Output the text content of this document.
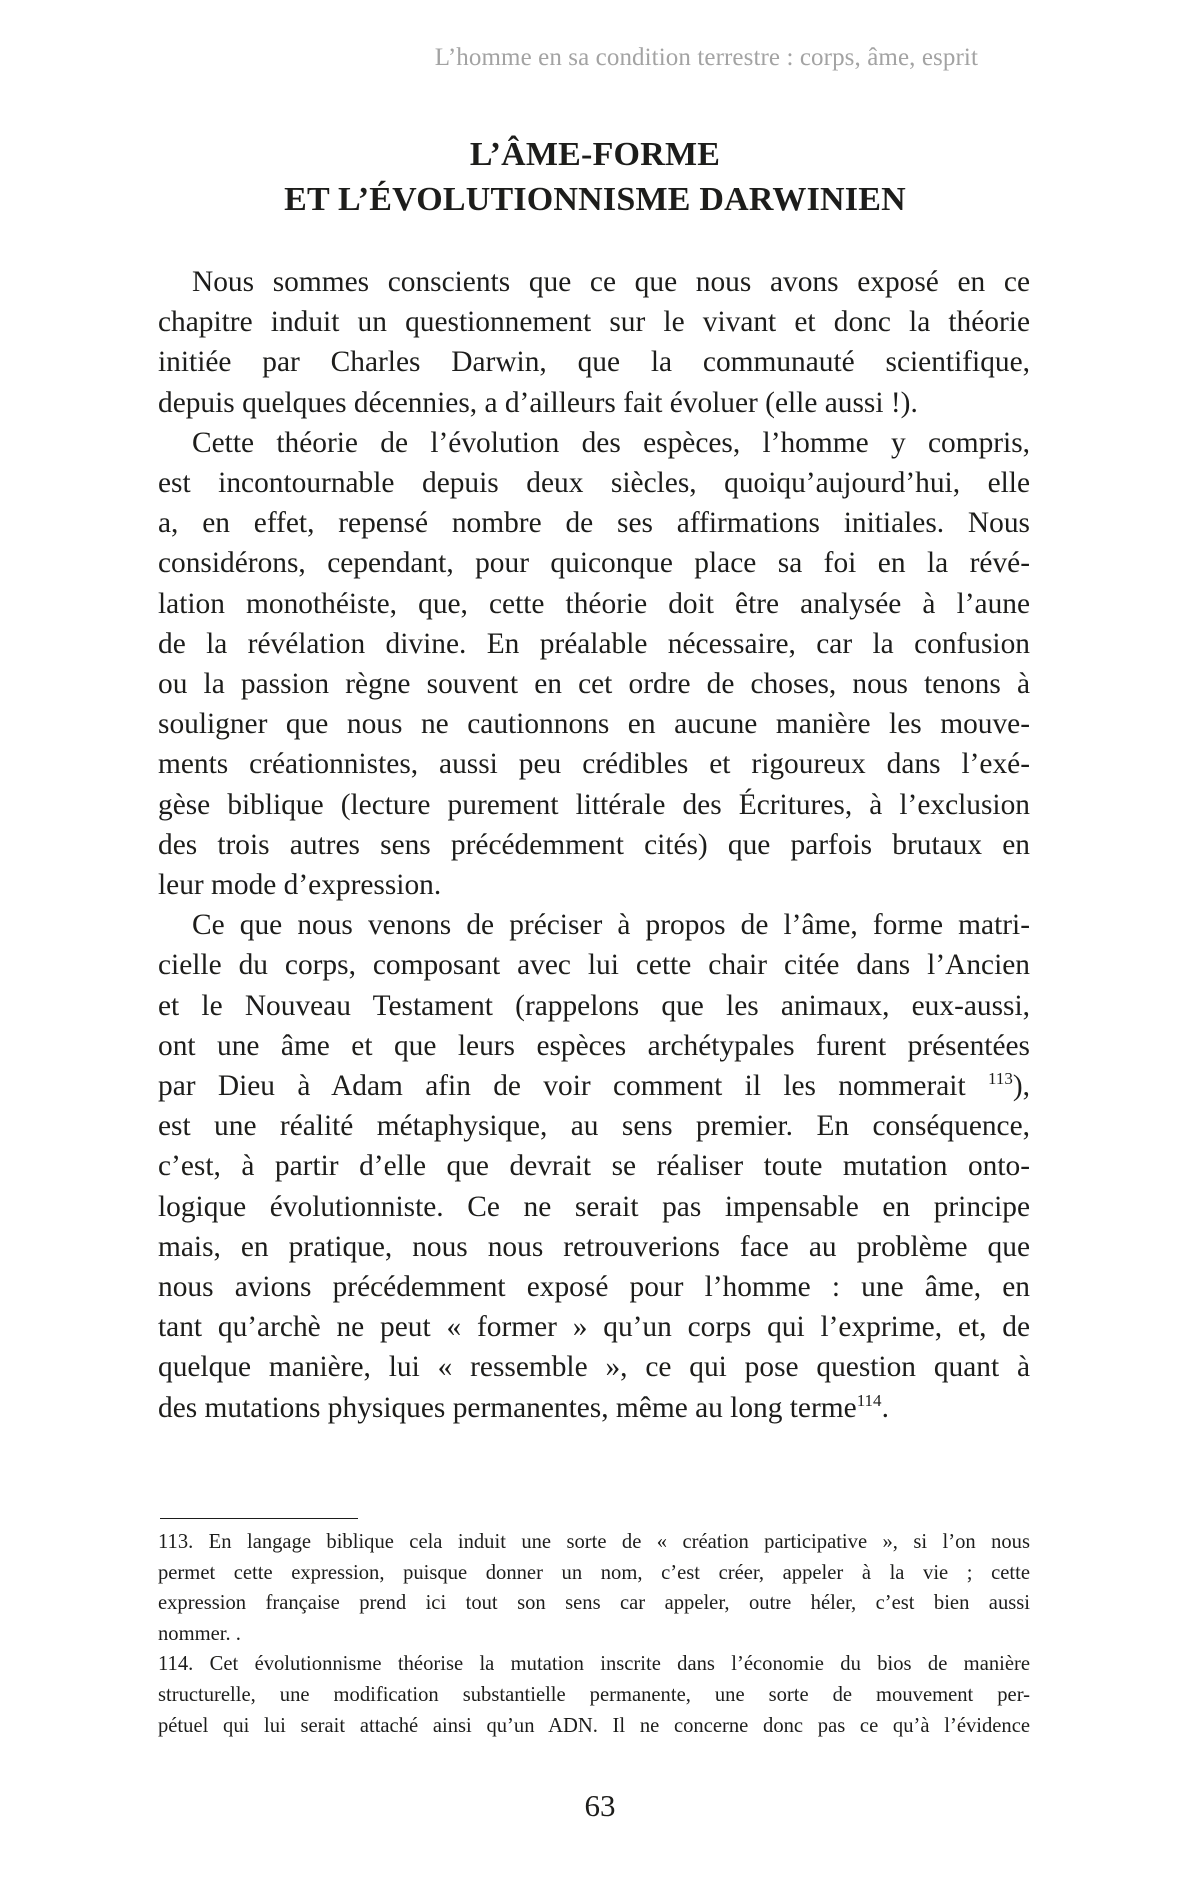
L’homme en sa condition terrestre : corps, âme, esprit
L’ÂME-FORME
ET L’ÉVOLUTIONNISME DARWINIEN

Nous sommes conscients que ce que nous avons exposé en ce
chapitre induit un questionnement sur le vivant et donc la théorie
initiée par Charles Darwin, que la communauté scientifique,
depuis quelques décennies, a d’ailleurs fait évoluer (elle aussi !).

Cette théorie de l’évolution des espèces, l’homme y compris,
est incontournable depuis deux siècles, quoiqu’aujourd’hui, elle
a, en effet, repensé nombre de ses affirmations initiales. Nous
considérons, cependant, pour quiconque place sa foi en la révé-
lation monothéiste, que, cette théorie doit être analysée à l’aune
de la révélation divine. En préalable nécessaire, car la confusion
ou la passion règne souvent en cet ordre de choses, nous tenons à
souligner que nous ne cautionnons en aucune manière les mouve-
ments créationnistes, aussi peu crédibles et rigoureux dans l’exé-
gèse biblique (lecture purement littérale des Écritures, à l’exclusion
des trois autres sens précédemment cités) que parfois brutaux en
leur mode d’expression.

Ce que nous venons de préciser à propos de l’âme, forme matri-
cielle du corps, composant avec lui cette chair citée dans l’Ancien
et le Nouveau Testament (rappelons que les animaux, eux-aussi,
ont une âme et que leurs espèces archétypales furent présentées
par Dieu à Adam afin de voir comment il les nommerait $^{113}$),
est une réalité métaphysique, au sens premier. En conséquence,
c’est, à partir d’elle que devrait se réaliser toute mutation onto-
logique évolutionniste. Ce ne serait pas impensable en principe
mais, en pratique, nous nous retrouverions face au problème que
nous avions précédemment exposé pour l’homme : une âme, en
tant qu’archè ne peut « former » qu’un corps qui l’exprime, et, de
quelque manière, lui « ressemble », ce qui pose question quant à
des mutations physiques permanentes, même au long terme$^{114}$.

113. En langage biblique cela induit une sorte de « création participative », si l’on nous
permet cette expression, puisque donner un nom, c’est créer, appeler à la vie ; cette
expression française prend ici tout son sens car appeler, outre héler, c’est bien aussi
nommer. .
114. Cet évolutionnisme théorise la mutation inscrite dans l’économie du bios de manière
structurelle, une modification substantielle permanente, une sorte de mouvement per-
pétuel qui lui serait attaché ainsi qu’un ADN. Il ne concerne donc pas ce qu’à l’évidence
63
